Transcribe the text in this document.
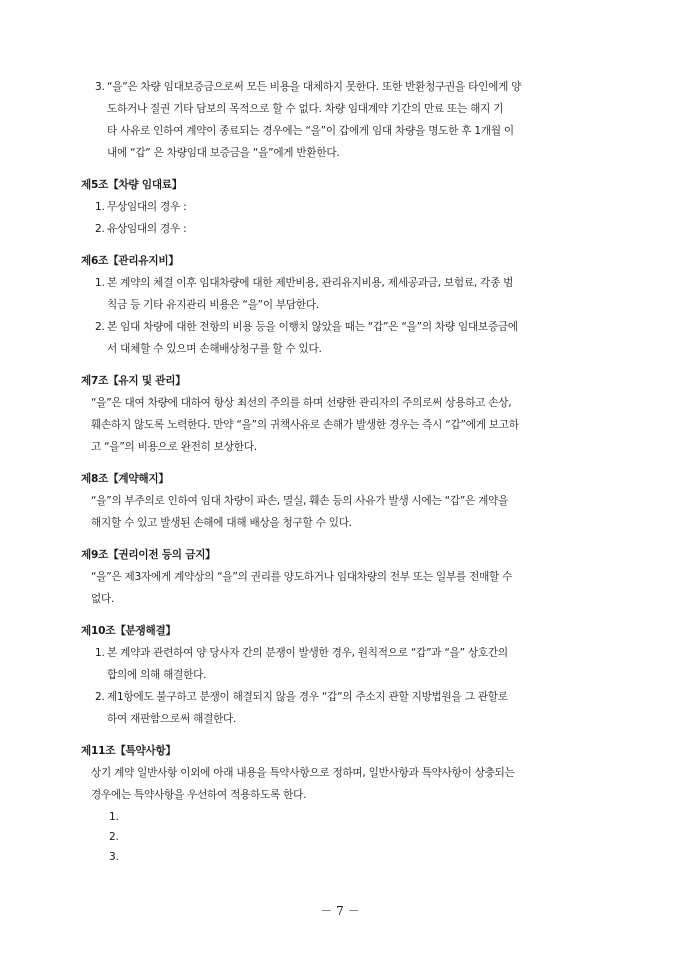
3. “을”은 차량 임대보증금으로써 모든 비용을 대체하지 못한다. 또한 반환청구권을 타인에게 양
도하거나 질권 기타 담보의 목적으로 할 수 없다. 차량 임대계약 기간의 만료 또는 해지 기
타 사유로 인하여 계약이 종료되는 경우에는 “을”이 갑에게 임대 차량을 명도한 후 1개월 이
내에 “갑” 은 차량임대 보증금을 “을”에게 반환한다.
제5조【차량 임대료】
1. 무상임대의 경우 :
2. 유상임대의 경우 :
제6조【관리유지비】
1. 본 계약의 체결 이후 임대차량에 대한 제반비용, 관리유지비용, 제세공과금, 보험료, 각종 범
칙금 등 기타 유지관리 비용은 “을”이 부담한다.
2. 본 임대 차량에 대한 전항의 비용 등을 이행치 않았을 때는 “갑”은 “을”의 차량 임대보증금에
서 대체할 수 있으며 손해배상청구를 할 수 있다.
제7조【유지 및 관리】
“을”은 대여 차량에 대하여 항상 최선의 주의를 하며 선량한 관리자의 주의로써 상용하고 손상,
훼손하지 않도록 노력한다. 만약 “을”의 귀책사유로 손해가 발생한 경우는 즉시 “갑”에게 보고하
고 “을”의 비용으로 완전히 보상한다.
제8조【계약해지】
“을”의 부주의로 인하여 임대 차량이 파손, 멸실, 훼손 등의 사유가 발생 시에는 “갑”은 계약을
해지할 수 있고 발생된 손해에 대해 배상을 청구할 수 있다.
제9조【권리이전 등의 금지】
“을”은 제3자에게 계약상의 “을”의 권리를 양도하거나 임대차량의 전부 또는 일부를 전매할 수
없다.
제10조【분쟁해결】
1. 본 계약과 관련하여 양 당사자 간의 분쟁이 발생한 경우, 원칙적으로 “갑”과 “을” 상호간의
합의에 의해 해결한다.
2. 제1항에도 불구하고 분쟁이 해결되지 않을 경우 “갑”의 주소지 관할 지방법원을 그 관할로
하여 재판함으로써 해결한다.
제11조【특약사항】
상기 계약 일반사항 이외에 아래 내용을 특약사항으로 정하며, 일반사항과 특약사항이 상충되는
경우에는 특약사항을 우선하여 적용하도록 한다.
1.
2.
3.
－ 7 －
